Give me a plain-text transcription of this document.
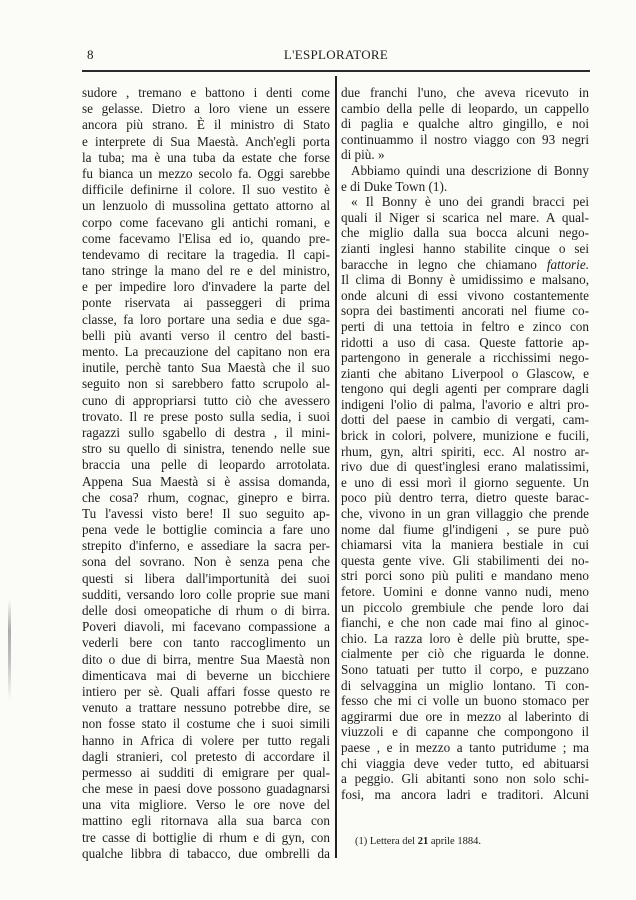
8	L'ESPLORATORE
sudore , tremano e battono i denti come
se gelasse. Dietro a loro viene un essere
ancora più strano. È il ministro di Stato
e interprete di Sua Maestà. Anch'egli porta
la tuba; ma è una tuba da estate che forse
fu bianca un mezzo secolo fa. Oggi sarebbe
difficile definirne il colore. Il suo vestito è
un lenzuolo di mussolina gettato attorno al
corpo come facevano gli antichi romani, e
come facevamo l'Elisa ed io, quando pre-
tendevamo di recitare la tragedia. Il capi-
tano stringe la mano del re e del ministro,
e per impedire loro d'invadere la parte del
ponte riservata ai passeggeri di prima
classe, fa loro portare una sedia e due sga-
belli più avanti verso il centro del basti-
mento. La precauzione del capitano non era
inutile, perchè tanto Sua Maestà che il suo
seguito non si sarebbero fatto scrupolo al-
cuno di appropriarsi tutto ciò che avessero
trovato. Il re prese posto sulla sedia, i suoi
ragazzi sullo sgabello di destra , il mini-
stro su quello di sinistra, tenendo nelle sue
braccia una pelle di leopardo arrotolata.
Appena Sua Maestà si è assisa domanda,
che cosa? rhum, cognac, ginepro e birra.
Tu l'avessi visto bere! Il suo seguito ap-
pena vede le bottiglie comincia a fare uno
strepito d'inferno, e assediare la sacra per-
sona del sovrano. Non è senza pena che
questi si libera dall'importunità dei suoi
sudditi, versando loro colle proprie sue mani
delle dosi omeopatiche di rhum o di birra.
Poveri diavoli, mi facevano compassione a
vederli bere con tanto raccoglimento un
dito o due di birra, mentre Sua Maestà non
dimenticava mai di beverne un bicchiere
intiero per sè. Quali affari fosse questo re
venuto a trattare nessuno potrebbe dire, se
non fosse stato il costume che i suoi simili
hanno in Africa di volere per tutto regali
dagli stranieri, col pretesto di accordare il
permesso ai sudditi di emigrare per qual-
che mese in paesi dove possono guadagnarsi
una vita migliore. Verso le ore nove del
mattino egli ritornava alla sua barca con
tre casse di bottiglie di rhum e di gyn, con
qualche libbra di tabacco, due ombrelli da
due franchi l'uno, che aveva ricevuto in
cambio della pelle di leopardo, un cappello
di paglia e qualche altro gingillo, e noi
continuammo il nostro viaggo con 93 negri
di più. »
Abbiamo quindi una descrizione di Bonny
e di Duke Town (1).
« Il Bonny è uno dei grandi bracci pei
quali il Niger si scarica nel mare. A qual-
che miglio dalla sua bocca alcuni nego-
zianti inglesi hanno stabilite cinque o sei
baracche in legno che chiamano fattorie.
Il clima di Bonny è umidissimo e malsano,
onde alcuni di essi vivono costantemente
sopra dei bastimenti ancorati nel fiume co-
perti di una tettoia in feltro e zinco con
ridotti a uso di casa. Queste fattorie ap-
partengono in generale a ricchissimi nego-
zianti che abitano Liverpool o Glascow, e
tengono qui degli agenti per comprare dagli
indigeni l'olio di palma, l'avorio e altri pro-
dotti del paese in cambio di vergati, cam-
brick in colori, polvere, munizione e fucili,
rhum, gyn, altri spiriti, ecc. Al nostro ar-
rivo due di quest'inglesi erano malatissimi,
e uno di essi morì il giorno seguente. Un
poco più dentro terra, dietro queste barac-
che, vivono in un gran villaggio che prende
nome dal fiume gl'indigeni , se pure può
chiamarsi vita la maniera bestiale in cui
questa gente vive. Gli stabilimenti dei no-
stri porci sono più puliti e mandano meno
fetore. Uomini e donne vanno nudi, meno
un piccolo grembiule che pende loro dai
fianchi, e che non cade mai fino al ginoc-
chio. La razza loro è delle più brutte, spe-
cialmente per ciò che riguarda le donne.
Sono tatuati per tutto il corpo, e puzzano
di selvaggina un miglio lontano. Ti con-
fesso che mi ci volle un buono stomaco per
aggirarmi due ore in mezzo al laberinto di
viuzzoli e di capanne che compongono il
paese , e in mezzo a tanto putridume ; ma
chi viaggia deve veder tutto, ed abituarsi
a peggio. Gli abitanti sono non solo schi-
fosi, ma ancora ladri e traditori. Alcuni
(1) Lettera del 21 aprile 1884.
